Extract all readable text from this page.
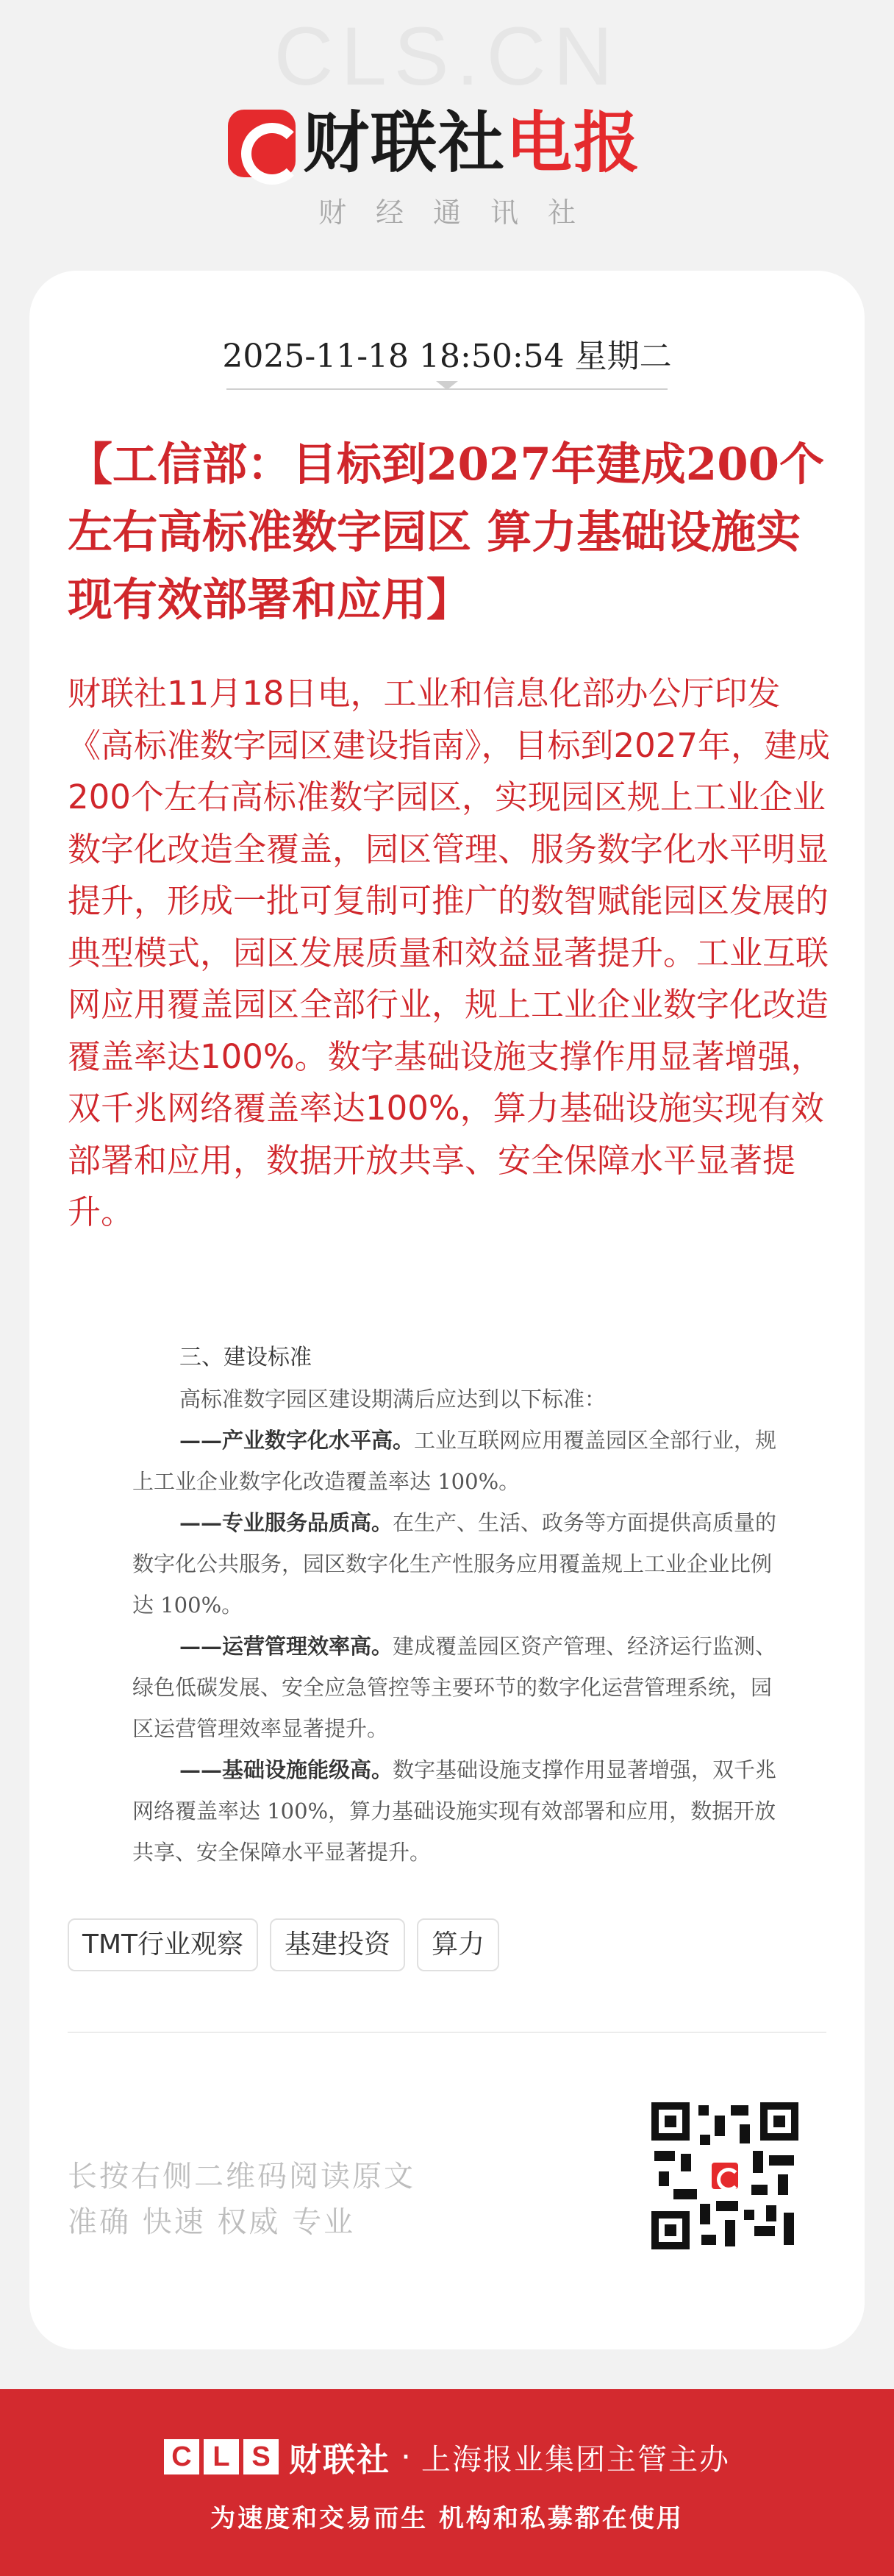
CLS.CN
财联社 电报
财经通讯社
2025-11-18 18:50:54 星期二
【工信部：目标到2027年建成200个左右高标准数字园区 算力基础设施实现有效部署和应用】
财联社11月18日电，工业和信息化部办公厅印发《高标准数字园区建设指南》，目标到2027年，建成200个左右高标准数字园区，实现园区规上工业企业数字化改造全覆盖，园区管理、服务数字化水平明显提升，形成一批可复制可推广的数智赋能园区发展的典型模式，园区发展质量和效益显著提升。工业互联网应用覆盖园区全部行业，规上工业企业数字化改造覆盖率达100%。数字基础设施支撑作用显著增强，双千兆网络覆盖率达100%，算力基础设施实现有效部署和应用，数据开放共享、安全保障水平显著提升。

三、建设标准

高标准数字园区建设期满后应达到以下标准：

——产业数字化水平高。工业互联网应用覆盖园区全部行业，规上工业企业数字化改造覆盖率达 100%。

——专业服务品质高。在生产、生活、政务等方面提供高质量的数字化公共服务，园区数字化生产性服务应用覆盖规上工业企业比例达 100%。

——运营管理效率高。建成覆盖园区资产管理、经济运行监测、绿色低碳发展、安全应急管控等主要环节的数字化运营管理系统，园区运营管理效率显著提升。

——基础设施能级高。数字基础设施支撑作用显著增强，双千兆网络覆盖率达 100%，算力基础设施实现有效部署和应用，数据开放共享、安全保障水平显著提升。

TMT行业观察	基建投资	算力
长按右侧二维码阅读原文
准确 快速 权威 专业
C L S 财联社 · 上海报业集团主管主办
为速度和交易而生 机构和私募都在使用
